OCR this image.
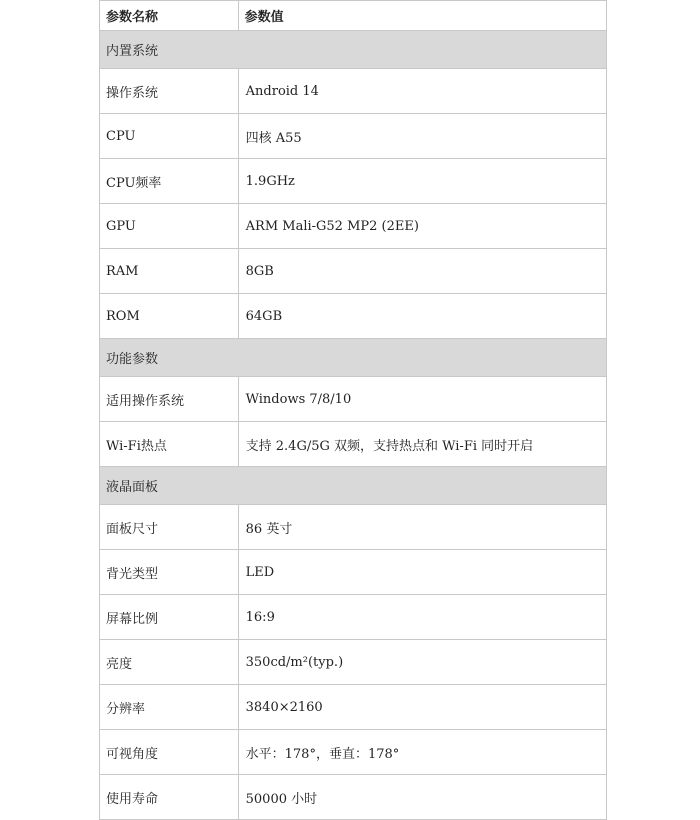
参数名称	参数值
内置系统	
操作系统	Android 14
CPU	四核 A55
CPU频率	1.9GHz
GPU	ARM Mali-G52 MP2 (2EE)
RAM	8GB
ROM	64GB
功能参数	
适用操作系统	Windows 7/8/10
Wi-Fi热点	支持 2.4G/5G 双频，支持热点和 Wi-Fi 同时开启
液晶面板	
面板尺寸	86 英寸
背光类型	LED
屏幕比例	16:9
亮度	350cd/m²(typ.)
分辨率	3840×2160
可视角度	水平：178°，垂直：178°
使用寿命	50000 小时
